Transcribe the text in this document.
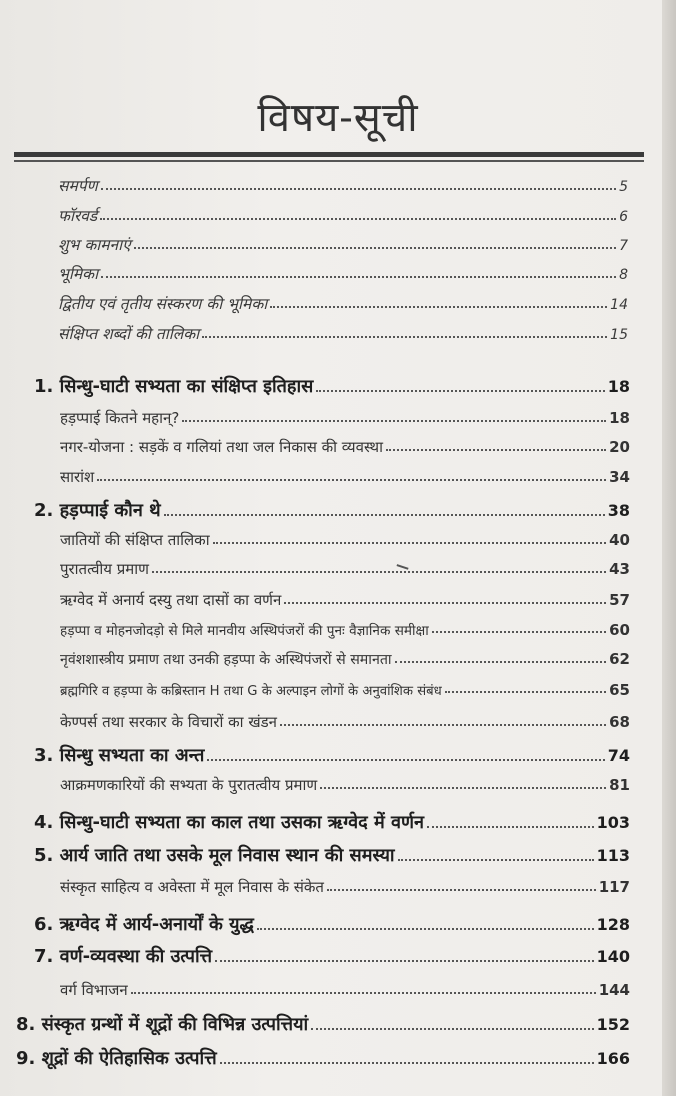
विषय-सूची
समर्पण	5
फॉरवर्ड	6
शुभ कामनाएं	7
भूमिका	8
द्वितीय एवं तृतीय संस्करण की भूमिका	14
संक्षिप्त शब्दों की तालिका	15
1. सिन्धु-घाटी सभ्यता का संक्षिप्त इतिहास	18
हड़प्पाई कितने महान्?	18
नगर-योजना : सड़कें व गलियां तथा जल निकास की व्यवस्था	20
सारांश	34
2. हड़प्पाई कौन थे	38
जातियों की संक्षिप्त तालिका	40
पुरातत्वीय प्रमाण	43
ऋग्वेद में अनार्य दस्यु तथा दासों का वर्णन	57
हड़प्पा व मोहनजोदड़ो से मिले मानवीय अस्थिपंजरों की पुनः वैज्ञानिक समीक्षा	60
नृवंशशास्त्रीय प्रमाण तथा उनकी हड़प्पा के अस्थिपंजरों से समानता	62
ब्रह्मगिरि व हड़प्पा के कब्रिस्तान H तथा G के अल्पाइन लोगों के अनुवांशिक संबंध	65
केण्पर्स तथा सरकार के विचारों का खंडन	68
3. सिन्धु सभ्यता का अन्त	74
आक्रमणकारियों की सभ्यता के पुरातत्वीय प्रमाण	81
4. सिन्धु-घाटी सभ्यता का काल तथा उसका ऋग्वेद में वर्णन	103
5. आर्य जाति तथा उसके मूल निवास स्थान की समस्या	113
संस्कृत साहित्य व अवेस्ता में मूल निवास के संकेत	117
6. ऋग्वेद में आर्य-अनार्यों के युद्ध	128
7. वर्ण-व्यवस्था की उत्पत्ति	140
वर्ग विभाजन	144
8. संस्कृत ग्रन्थों में शूद्रों की विभिन्न उत्पत्तियां	152
9. शूद्रों की ऐतिहासिक उत्पत्ति	166
